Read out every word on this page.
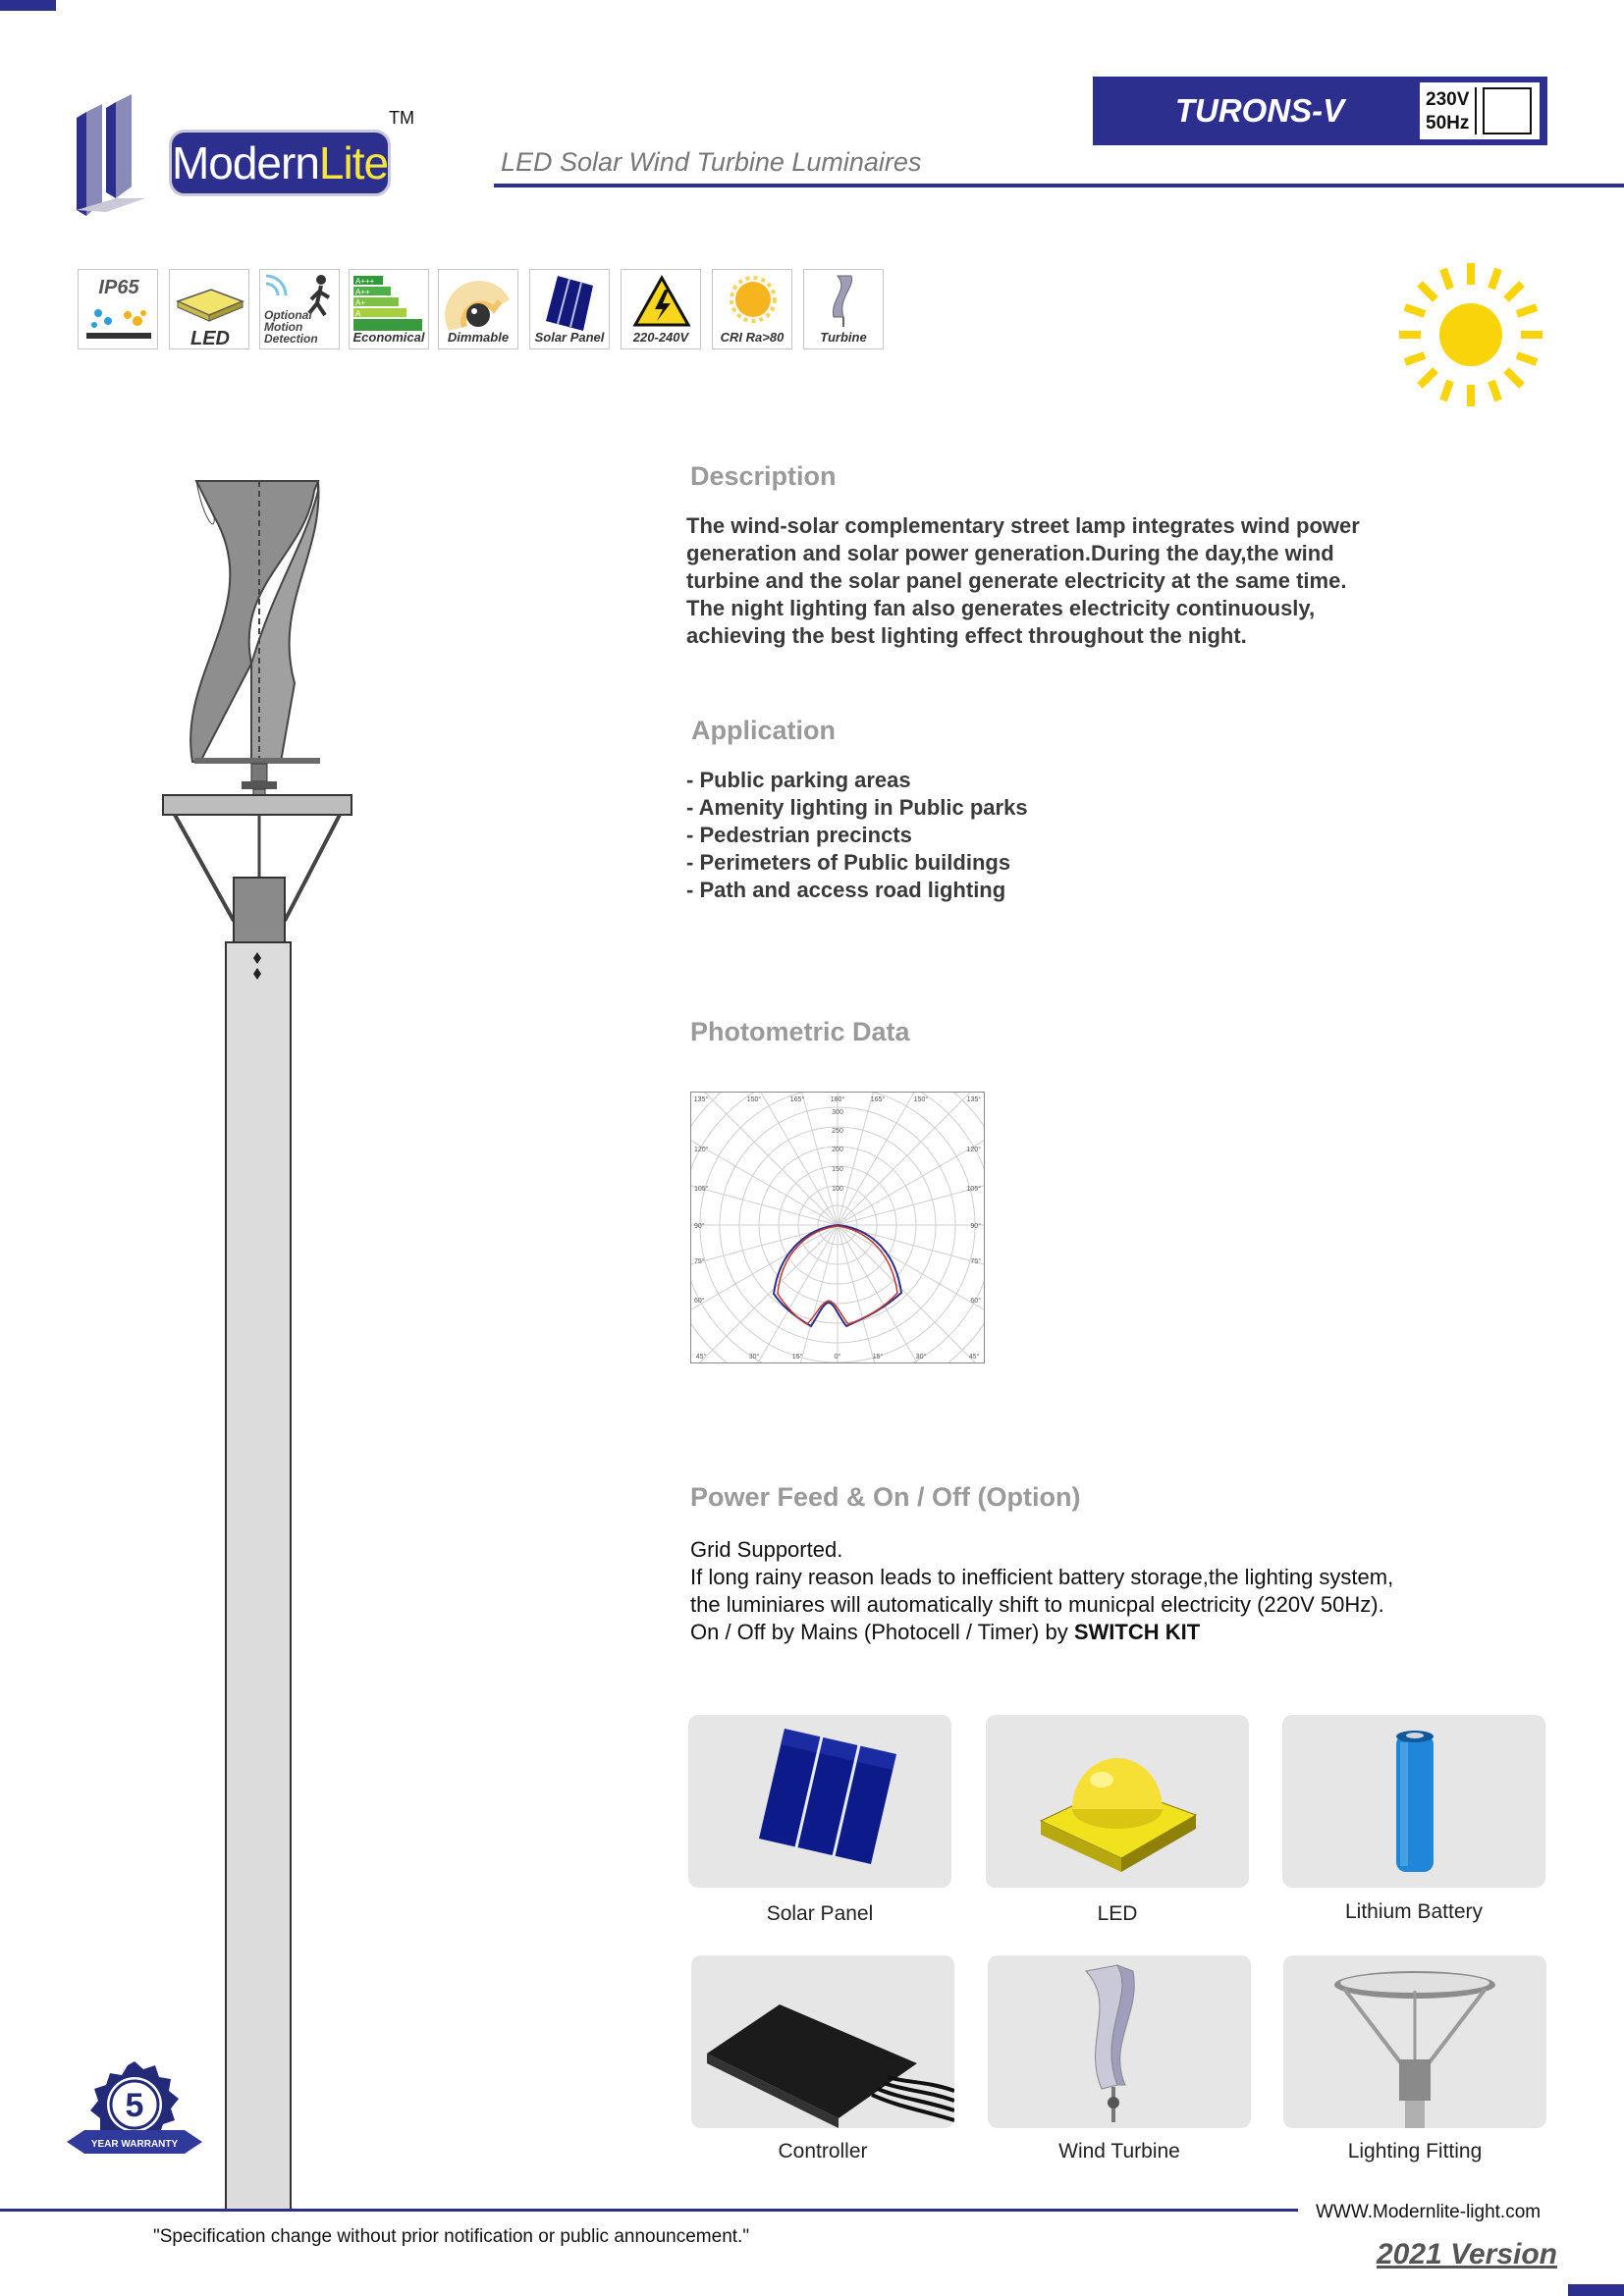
Modern Lite
TM	TURONS-V	230V
50Hz
LED Solar Wind Turbine Luminaires
IP65
LED
Optional
Motion
Detection
A+++
A++
A+
A
Economical	Dimmable	Solar Panel	220-240V	CRI Ra>80	Turbine
Description
The wind-solar complementary street lamp integrates wind power
generation and solar power generation.During the day,the wind
turbine and the solar panel generate electricity at the same time.
The night lighting fan also generates electricity continuously,
achieving the best lighting effect throughout the night.
Application
- Public parking areas
- Amenity lighting in Public parks
- Pedestrian precincts
- Perimeters of Public buildings
- Path and access road lighting
Photometric Data
135°	150°	165°	180°	165°	150°	135°
45°	30°	15°	0°	15°	30°	45°
120°
105°
90°
75°
60°
120°
105°
90°
75°
60°
300
250
200
150
100
Power Feed & On / Off (Option)
Grid Supported.
If long rainy reason leads to inefficient battery storage,the lighting system,
the luminiares will automatically shift to municpal electricity (220V 50Hz).
On / Off by Mains (Photocell / Timer) by SWITCH KIT
Solar Panel	LED	Lithium Battery
Controller	Wind Turbine	Lighting Fitting
5
YEAR WARRANTY
"Specification change without prior notification or public announcement."
WWW.Modernlite-light.com
2021 Version
